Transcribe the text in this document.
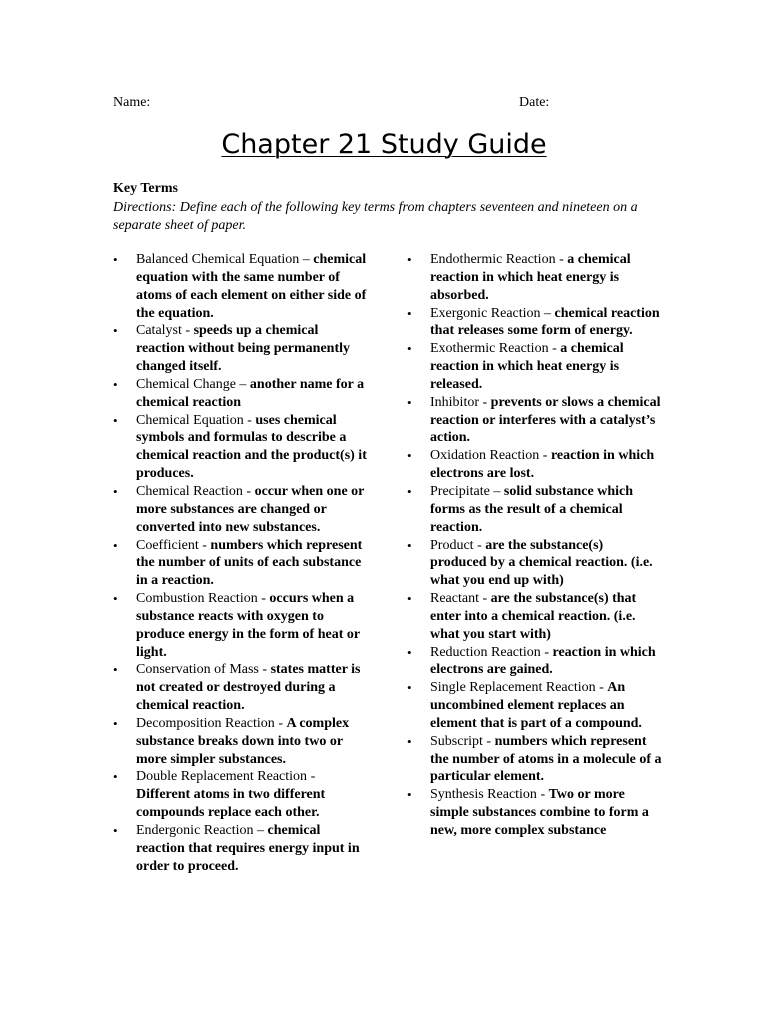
Name:	Date:
Chapter 21 Study Guide
Key Terms
Directions: Define each of the following key terms from chapters seventeen and nineteen on a separate sheet of paper.
•	Balanced Chemical Equation – chemical equation with the same number of atoms of each element on either side of the equation.
•	Catalyst - speeds up a chemical reaction without being permanently changed itself.
•	Chemical Change – another name for a chemical reaction
•	Chemical Equation - uses chemical symbols and formulas to describe a chemical reaction and the product(s) it produces.
•	Chemical Reaction - occur when one or more substances are changed or converted into new substances.
•	Coefficient - numbers which represent the number of units of each substance in a reaction.
•	Combustion Reaction - occurs when a substance reacts with oxygen to produce energy in the form of heat or light.
•	Conservation of Mass - states matter is not created or destroyed during a chemical reaction.
•	Decomposition Reaction - A complex substance breaks down into two or more simpler substances.
•	Double Replacement Reaction - Different atoms in two different compounds replace each other.
•	Endergonic Reaction – chemical reaction that requires energy input in order to proceed.
•	Endothermic Reaction - a chemical reaction in which heat energy is absorbed.
•	Exergonic Reaction – chemical reaction that releases some form of energy.
•	Exothermic Reaction - a chemical reaction in which heat energy is released.
•	Inhibitor - prevents or slows a chemical reaction or interferes with a catalyst’s action.
•	Oxidation Reaction - reaction in which electrons are lost.
•	Precipitate – solid substance which forms as the result of a chemical reaction.
•	Product - are the substance(s) produced by a chemical reaction. (i.e. what you end up with)
•	Reactant - are the substance(s) that enter into a chemical reaction. (i.e. what you start with)
•	Reduction Reaction - reaction in which electrons are gained.
•	Single Replacement Reaction - An uncombined element replaces an element that is part of a compound.
•	Subscript - numbers which represent the number of atoms in a molecule of a particular element.
•	Synthesis Reaction - Two or more simple substances combine to form a new, more complex substance
